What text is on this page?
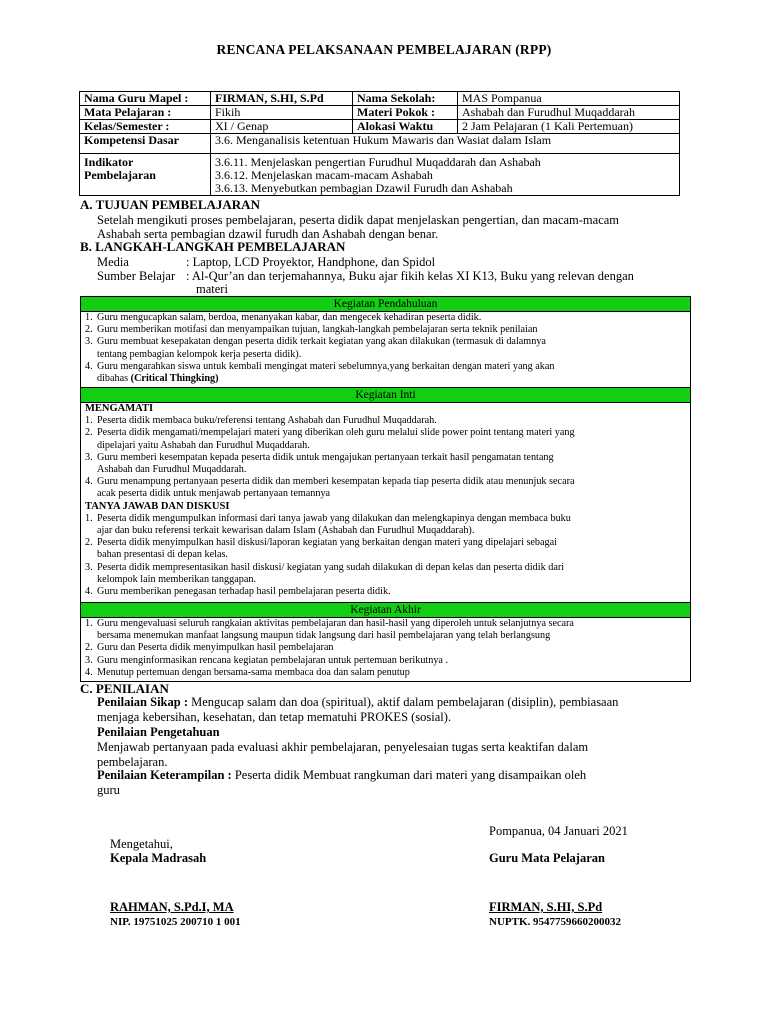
RENCANA PELAKSANAAN PEMBELAJARAN (RPP)
Nama Guru Mapel :	FIRMAN, S.HI, S.Pd	Nama Sekolah:	MAS Pompanua
Mata Pelajaran :	Fikih	Materi Pokok :	Ashabah dan Furudhul Muqaddarah
Kelas/Semester :	XI / Genap	Alokasi Waktu	2 Jam Pelajaran (1 Kali Pertemuan)
Kompetensi Dasar	3.6. Menganalisis ketentuan Hukum Mawaris dan Wasiat dalam Islam		

Indikator
Pembelajaran	3.6.11. Menjelaskan pengertian Furudhul Muqaddarah dan Ashabah
3.6.12. Menjelaskan macam-macam Ashabah
3.6.13. Menyebutkan pembagian Dzawil Furudh dan Ashabah		
A. TUJUAN PEMBELAJARAN
Setelah mengikuti proses pembelajaran, peserta didik dapat menjelaskan pengertian, dan macam-macam
Ashabah serta pembagian dzawil furudh dan Ashabah dengan benar.
B. LANGKAH-LANGKAH PEMBELAJARAN
Media	: Laptop, LCD Proyektor, Handphone, dan Spidol
Sumber Belajar : Al-Qur’an dan terjemahannya, Buku ajar fikih kelas XI K13, Buku yang relevan dengan
materi
Kegiatan Pendahuluan
1. Guru mengucapkan salam, berdoa, menanyakan kabar, dan mengecek kehadiran peserta didik.
2. Guru memberikan motifasi dan menyampaikan tujuan, langkah-langkah pembelajaran serta teknik penilaian
3. Guru membuat kesepakatan dengan peserta didik terkait kegiatan yang akan dilakukan (termasuk di dalamnya
tentang pembagian kelompok kerja peserta didik).
4. Guru mengarahkan siswa untuk kembali mengingat materi sebelumnya,yang berkaitan dengan materi yang akan
dibahas (Critical Thingking)
Kegiatan Inti
MENGAMATI
1. Peserta didik membaca buku/referensi tentang Ashabah dan Furudhul Muqaddarah.
2. Peserta didik mengamati/mempelajari materi yang diberikan oleh guru melalui slide power point tentang materi yang
dipelajari yaitu Ashabah dan Furudhul Muqaddarah.
3. Guru memberi kesempatan kepada peserta didik untuk mengajukan pertanyaan terkait hasil pengamatan tentang
Ashabah dan Furudhul Muqaddarah.
4. Guru menampung pertanyaan peserta didik dan memberi kesempatan kepada tiap peserta didik atau menunjuk secara
acak peserta didik untuk menjawab pertanyaan temannya
TANYA JAWAB DAN DISKUSI
1. Peserta didik mengumpulkan informasi dari tanya jawab yang dilakukan dan melengkapinya dengan membaca buku
ajar dan buku referensi terkait kewarisan dalam Islam (Ashabah dan Furudhul Muqaddarah).
2. Peserta didik menyimpulkan hasil diskusi/laporan kegiatan yang berkaitan dengan materi yang dipelajari sebagai
bahan presentasi di depan kelas.
3. Peserta didik mempresentasikan hasil diskusi/ kegiatan yang sudah dilakukan di depan kelas dan peserta didik dari
kelompok lain memberikan tanggapan.
4. Guru memberikan penegasan terhadap hasil pembelajaran peserta didik.
Kegiatan Akhir
1. Guru mengevaluasi seluruh rangkaian aktivitas pembelajaran dan hasil-hasil yang diperoleh untuk selanjutnya secara
bersama menemukan manfaat langsung maupun tidak langsung dari hasil pembelajaran yang telah berlangsung
2. Guru dan Peserta didik menyimpulkan hasil pembelajaran
3. Guru menginformasikan rencana kegiatan pembelajaran untuk pertemuan berikutnya .
4. Menutup pertemuan dengan bersama-sama membaca doa dan salam penutup
C. PENILAIAN
Penilaian Sikap : Mengucap salam dan doa (spiritual), aktif dalam pembelajaran (disiplin), pembiasaan
menjaga kebersihan, kesehatan, dan tetap mematuhi PROKES (sosial).
Penilaian Pengetahuan
Menjawab pertanyaan pada evaluasi akhir pembelajaran, penyelesaian tugas serta keaktifan dalam
pembelajaran.
Penilaian Keterampilan : Peserta didik Membuat rangkuman dari materi yang disampaikan oleh
guru
Pompanua, 04 Januari 2021
Mengetahui,
Kepala Madrasah	Guru Mata Pelajaran
RAHMAN, S.Pd.I, MA
NIP. 19751025 200710 1 001
FIRMAN, S.HI, S.Pd
NUPTK. 9547759660200032
